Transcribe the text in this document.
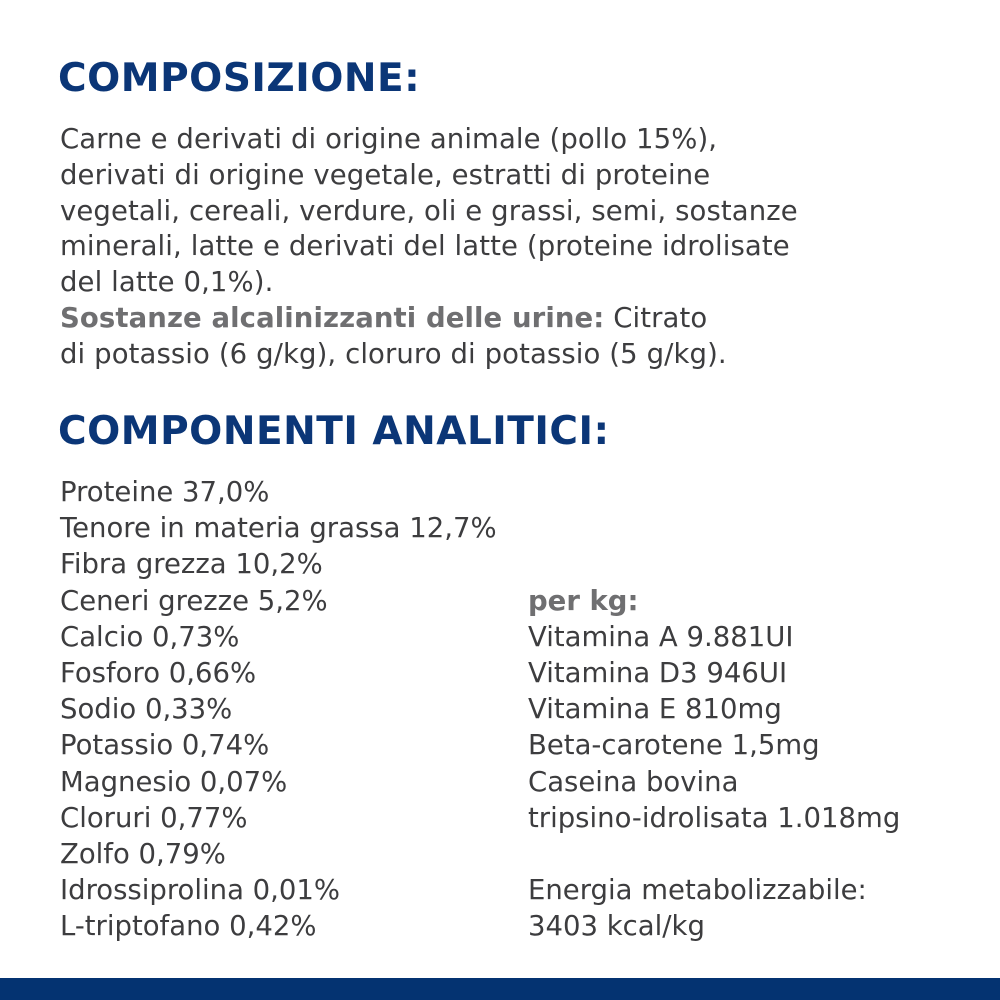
COMPOSIZIONE:
Carne e derivati di origine animale (pollo 15%),
derivati di origine vegetale, estratti di proteine
vegetali, cereali, verdure, oli e grassi, semi, sostanze
minerali, latte e derivati del latte (proteine idrolisate
del latte 0,1%).
Sostanze alcalinizzanti delle urine: Citrato
di potassio (6 g/kg), cloruro di potassio (5 g/kg).
COMPONENTI ANALITICI:
Proteine 37,0%
Tenore in materia grassa 12,7%
Fibra grezza 10,2%
Ceneri grezze 5,2%
Calcio 0,73%
Fosforo 0,66%
Sodio 0,33%
Potassio 0,74%
Magnesio 0,07%
Cloruri 0,77%
Zolfo 0,79%
Idrossiprolina 0,01%
L-triptofano 0,42%
per kg:
Vitamina A 9.881UI
Vitamina D3 946UI
Vitamina E 810mg
Beta-carotene 1,5mg
Caseina bovina
tripsino-idrolisata 1.018mg
Energia metabolizzabile:
3403 kcal/kg
